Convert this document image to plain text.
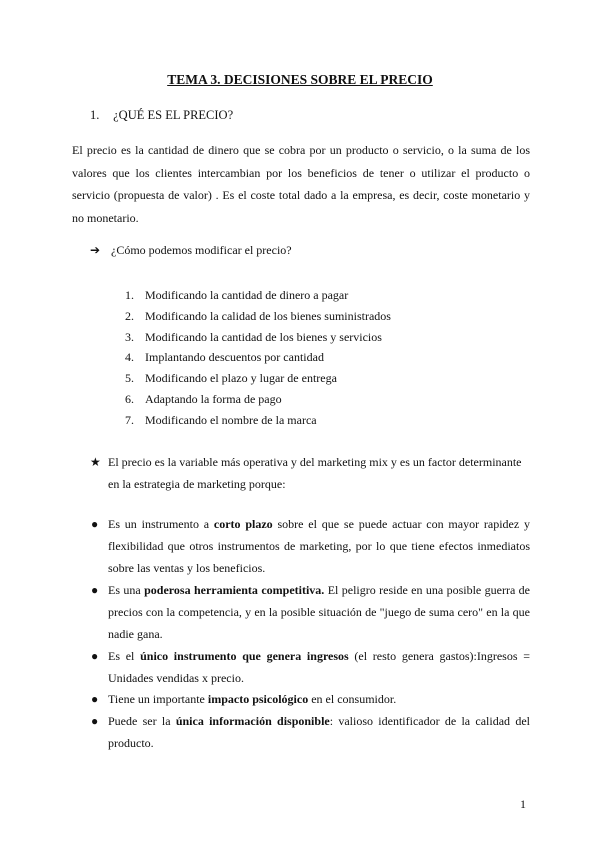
TEMA 3. DECISIONES SOBRE EL PRECIO
1. ¿QUÉ ES EL PRECIO?
El precio es la cantidad de dinero que se cobra por un producto o servicio, o la suma de los valores que los clientes intercambian por los beneficios de tener o utilizar el producto o servicio (propuesta de valor) . Es el coste total dado a la empresa, es decir, coste monetario y no monetario.
➔ ¿Cómo podemos modificar el precio?
1. Modificando la cantidad de dinero a pagar
2. Modificando la calidad de los bienes suministrados
3. Modificando la cantidad de los bienes y servicios
4. Implantando descuentos por cantidad
5. Modificando el plazo y lugar de entrega
6. Adaptando la forma de pago
7. Modificando el nombre de la marca
★ El precio es la variable más operativa y del marketing mix y es un factor determinante en la estrategia de marketing porque:
● Es un instrumento a corto plazo sobre el que se puede actuar con mayor rapidez y flexibilidad que otros instrumentos de marketing, por lo que tiene efectos inmediatos sobre las ventas y los beneficios.
● Es una poderosa herramienta competitiva. El peligro reside en una posible guerra de precios con la competencia, y en la posible situación de "juego de suma cero" en la que nadie gana.
● Es el único instrumento que genera ingresos (el resto genera gastos):Ingresos = Unidades vendidas x precio.
● Tiene un importante impacto psicológico en el consumidor.
● Puede ser la única información disponible: valioso identificador de la calidad del producto.
1
